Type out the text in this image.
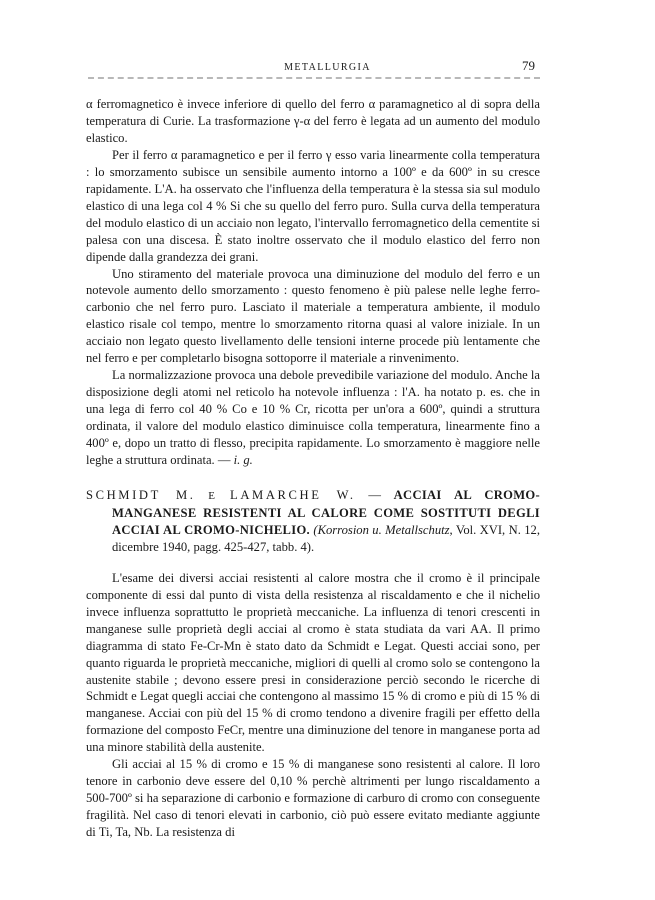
METALLURGIA	79

α ferromagnetico è invece inferiore di quello del ferro α paramagnetico al di sopra della temperatura di Curie. La trasformazione γ-α del ferro è legata ad un aumento del modulo elastico.

Per il ferro α paramagnetico e per il ferro γ esso varia linearmente colla temperatura : lo smorzamento subisce un sensibile aumento intorno a 100º e da 600º in su cresce rapidamente. L'A. ha osservato che l'influenza della temperatura è la stessa sia sul modulo elastico di una lega col 4 % Si che su quello del ferro puro. Sulla curva della temperatura del modulo elastico di un acciaio non legato, l'intervallo ferromagnetico della cementite si palesa con una discesa. È stato inoltre osservato che il modulo elastico del ferro non dipende dalla grandezza dei grani.

Uno stiramento del materiale provoca una diminuzione del modulo del ferro e un notevole aumento dello smorzamento : questo fenomeno è più palese nelle leghe ferro-carbonio che nel ferro puro. Lasciato il materiale a temperatura ambiente, il modulo elastico risale col tempo, mentre lo smorzamento ritorna quasi al valore iniziale. In un acciaio non legato questo livellamento delle tensioni interne procede più lentamente che nel ferro e per completarlo bisogna sottoporre il materiale a rinvenimento.

La normalizzazione provoca una debole prevedibile variazione del modulo. Anche la disposizione degli atomi nel reticolo ha notevole influenza : l'A. ha notato p. es. che in una lega di ferro col 40 % Co e 10 % Cr, ricotta per un'ora a 600º, quindi a struttura ordinata, il valore del modulo elastico diminuisce colla temperatura, linearmente fino a 400º e, dopo un tratto di flesso, precipita rapidamente. Lo smorzamento è maggiore nelle leghe a struttura ordinata. — i. g.

SCHMIDT M. E LAMARCHE W. — ACCIAI AL CROMO-MANGANESE RESISTENTI AL CALORE COME SOSTITUTI DEGLI ACCIAI AL CROMO-NICHELIO. (Korrosion u. Metallschutz, Vol. XVI, N. 12, dicembre 1940, pagg. 425-427, tabb. 4).

L'esame dei diversi acciai resistenti al calore mostra che il cromo è il principale componente di essi dal punto di vista della resistenza al riscaldamento e che il nichelio invece influenza soprattutto le proprietà meccaniche. La influenza di tenori crescenti in manganese sulle proprietà degli acciai al cromo è stata studiata da vari AA. Il primo diagramma di stato Fe-Cr-Mn è stato dato da Schmidt e Legat. Questi acciai sono, per quanto riguarda le proprietà meccaniche, migliori di quelli al cromo solo se contengono la austenite stabile ; devono essere presi in considerazione perciò secondo le ricerche di Schmidt e Legat quegli acciai che contengono al massimo 15 % di cromo e più di 15 % di manganese. Acciai con più del 15 % di cromo tendono a divenire fragili per effetto della formazione del composto FeCr, mentre una diminuzione del tenore in manganese porta ad una minore stabilità della austenite.

Gli acciai al 15 % di cromo e 15 % di manganese sono resistenti al calore. Il loro tenore in carbonio deve essere del 0,10 % perchè altrimenti per lungo riscaldamento a 500-700º si ha separazione di carbonio e formazione di carburo di cromo con conseguente fragilità. Nel caso di tenori elevati in carbonio, ciò può essere evitato mediante aggiunte di Ti, Ta, Nb. La resistenza di
